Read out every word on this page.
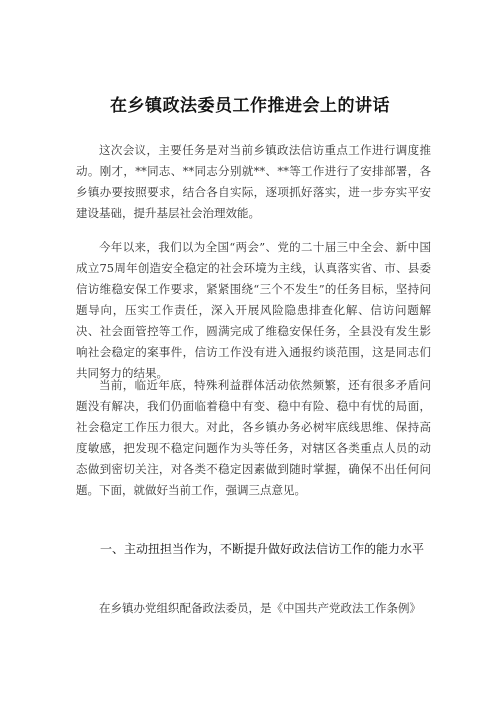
在乡镇政法委员工作推进会上的讲话

这次会议，主要任务是对当前乡镇政法信访重点工作进行调度推动。刚才，**同志、**同志分别就**、**等工作进行了安排部署，各乡镇办要按照要求，结合各自实际，逐项抓好落实，进一步夯实平安建设基础，提升基层社会治理效能。

今年以来，我们以为全国“两会”、党的二十届三中全会、新中国成立75周年创造安全稳定的社会环境为主线，认真落实省、市、县委信访维稳安保工作要求，紧紧围绕“三个不发生”的任务目标，坚持问题导向，压实工作责任，深入开展风险隐患排查化解、信访问题解决、社会面管控等工作，圆满完成了维稳安保任务，全县没有发生影响社会稳定的案事件，信访工作没有进入通报约谈范围，这是同志们共同努力的结果。

当前，临近年底，特殊利益群体活动依然频繁，还有很多矛盾问题没有解决，我们仍面临着稳中有变、稳中有险、稳中有忧的局面，社会稳定工作压力很大。对此，各乡镇办务必树牢底线思维、保持高度敏感，把发现不稳定问题作为头等任务，对辖区各类重点人员的动态做到密切关注，对各类不稳定因素做到随时掌握，确保不出任何问题。下面，就做好当前工作，强调三点意见。

一、主动扭担当作为，不断提升做好政法信访工作的能力水平

在乡镇办党组织配备政法委员，是《中国共产党政法工作条例》
